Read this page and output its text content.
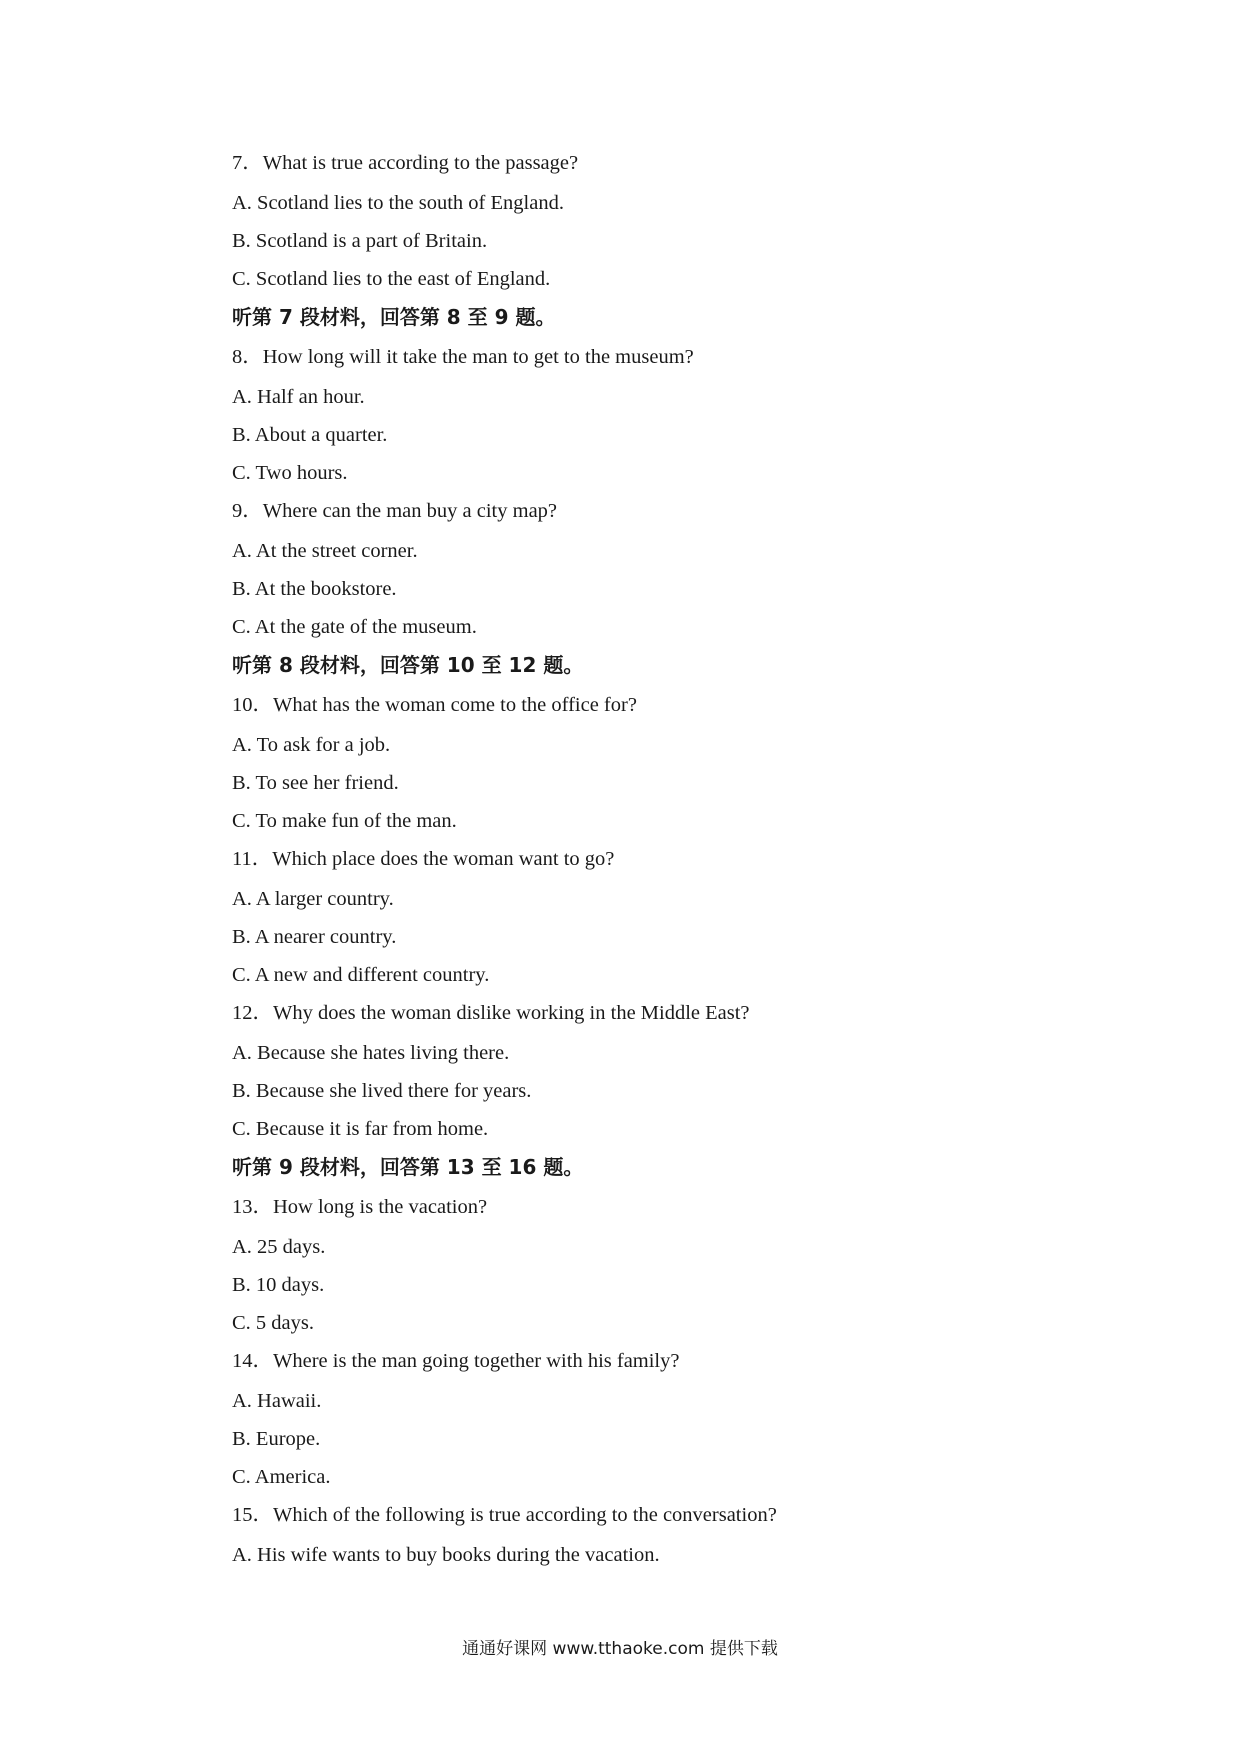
7．What is true according to the passage?
A. Scotland lies to the south of England.
B. Scotland is a part of Britain.
C. Scotland lies to the east of England.
听第 7 段材料，回答第 8 至 9 题。
8．How long will it take the man to get to the museum?
A. Half an hour.
B. About a quarter.
C. Two hours.
9．Where can the man buy a city map?
A. At the street corner.
B. At the bookstore.
C. At the gate of the museum.
听第 8 段材料，回答第 10 至 12 题。
10．What has the woman come to the office for?
A. To ask for a job.
B. To see her friend.
C. To make fun of the man.
11．Which place does the woman want to go?
A. A larger country.
B. A nearer country.
C. A new and different country.
12．Why does the woman dislike working in the Middle East?
A. Because she hates living there.
B. Because she lived there for years.
C. Because it is far from home.
听第 9 段材料，回答第 13 至 16 题。
13．How long is the vacation?
A. 25 days.
B. 10 days.
C. 5 days.
14．Where is the man going together with his family?
A. Hawaii.
B. Europe.
C. America.
15．Which of the following is true according to the conversation?
A. His wife wants to buy books during the vacation.
通通好课网 www.tthaoke.com 提供下载
